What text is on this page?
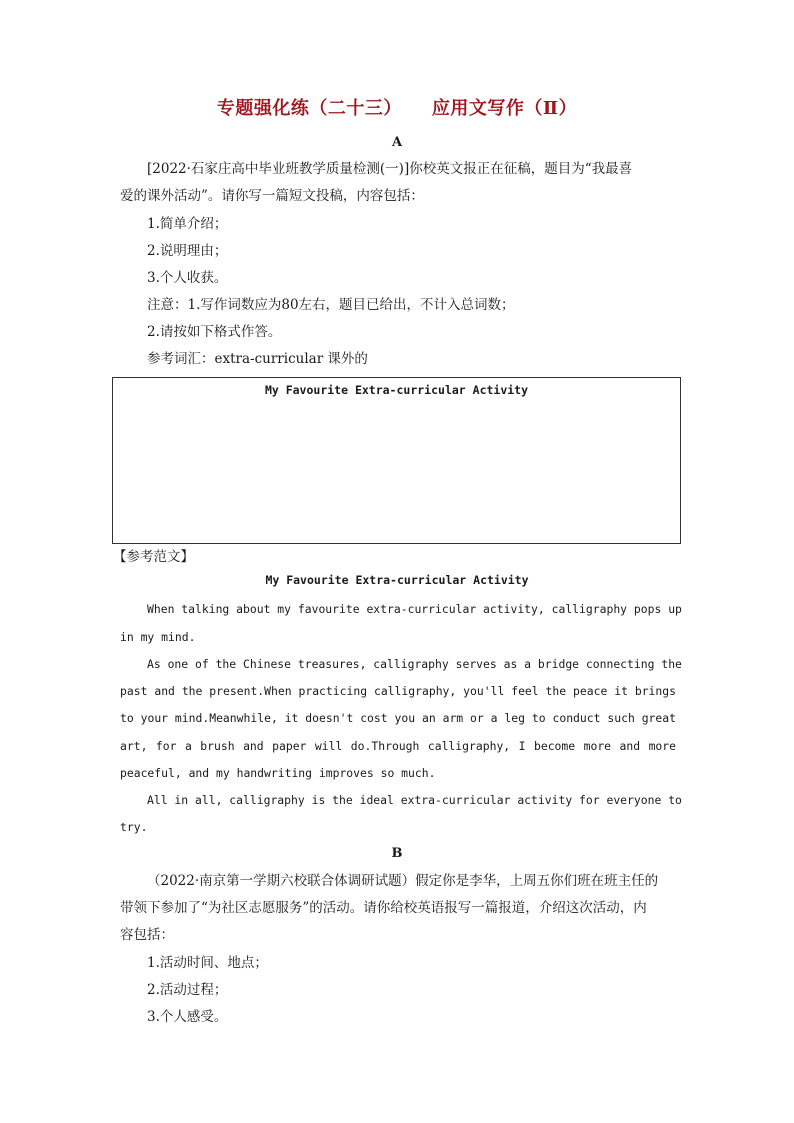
专题强化练（二十三） 应用文写作（Ⅱ）
A
[2022·石家庄高中毕业班教学质量检测(一)]你校英文报正在征稿，题目为“我最喜
爱的课外活动”。请你写一篇短文投稿，内容包括：
1.简单介绍；
2.说明理由；
3.个人收获。
注意：1.写作词数应为80左右，题目已给出，不计入总词数；
2.请按如下格式作答。
参考词汇：extra-curricular 课外的
My Favourite Extra-curricular Activity
【参考范文】
My Favourite Extra-curricular Activity
When talking about my favourite extra-curricular activity, calligraphy pops up
in my mind.
As one of the Chinese treasures, calligraphy serves as a bridge connecting the
past and the present.When practicing calligraphy, you'll feel the peace it brings
to your mind.Meanwhile, it doesn't cost you an arm or a leg to conduct such great
art, for a brush and paper will do.Through calligraphy, I become more and more
peaceful, and my handwriting improves so much.
All in all, calligraphy is the ideal extra-curricular activity for everyone to
try.
B
（2022·南京第一学期六校联合体调研试题）假定你是李华，上周五你们班在班主任的
带领下参加了“为社区志愿服务”的活动。请你给校英语报写一篇报道，介绍这次活动，内
容包括：
1.活动时间、地点；
2.活动过程；
3.个人感受。
